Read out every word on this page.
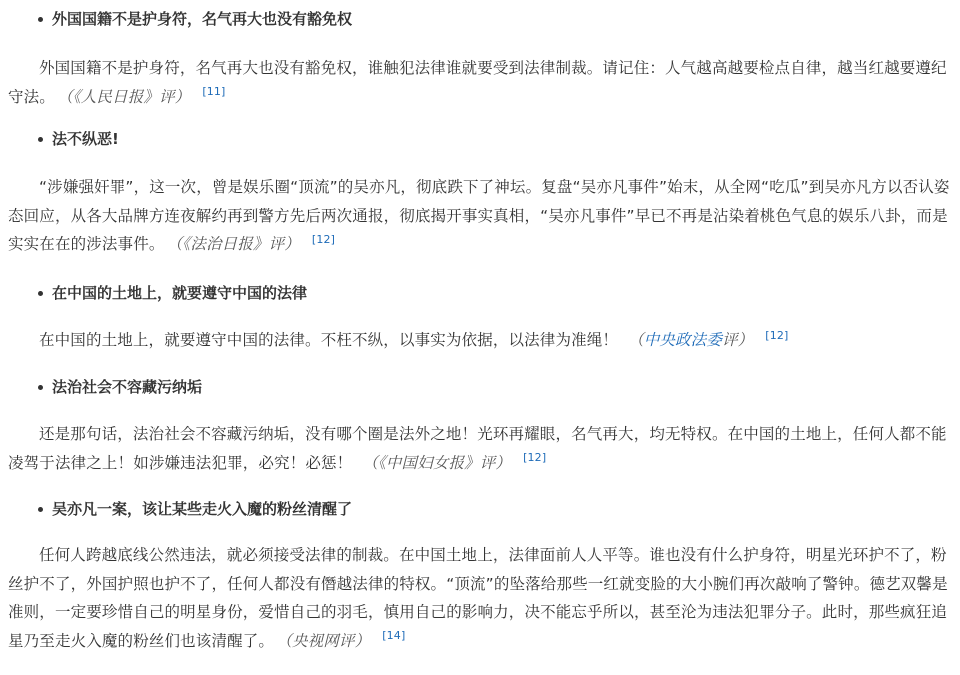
外国国籍不是护身符，名气再大也没有豁免权

外国国籍不是护身符，名气再大也没有豁免权，谁触犯法律谁就要受到法律制裁。请记住：人气越高越要检点自律，越当红越要遵纪守法。 （《人民日报》评） [11]

法不纵恶!

“涉嫌强奸罪”，这一次，曾是娱乐圈“顶流”的吴亦凡，彻底跌下了神坛。复盘“吴亦凡事件”始末，从全网“吃瓜”到吴亦凡方以否认姿态回应，从各大品牌方连夜解约再到警方先后两次通报，彻底揭开事实真相，“吴亦凡事件”早已不再是沾染着桃色气息的娱乐八卦，而是实实在在的涉法事件。 （《法治日报》评） [12]

在中国的土地上，就要遵守中国的法律

在中国的土地上，就要遵守中国的法律。不枉不纵，以事实为依据，以法律为准绳！ （中央政法委评） [12]

法治社会不容藏污纳垢

还是那句话，法治社会不容藏污纳垢，没有哪个圈是法外之地！光环再耀眼，名气再大，均无特权。在中国的土地上，任何人都不能凌驾于法律之上！如涉嫌违法犯罪，必究！必惩！ （《中国妇女报》评） [12]

吴亦凡一案，该让某些走火入魔的粉丝清醒了

任何人跨越底线公然违法，就必须接受法律的制裁。在中国土地上，法律面前人人平等。谁也没有什么护身符，明星光环护不了，粉丝护不了，外国护照也护不了，任何人都没有僭越法律的特权。“顶流”的坠落给那些一红就变脸的大小腕们再次敲响了警钟。德艺双馨是准则，一定要珍惜自己的明星身份，爱惜自己的羽毛，慎用自己的影响力，决不能忘乎所以，甚至沦为违法犯罪分子。此时，那些疯狂追星乃至走火入魔的粉丝们也该清醒了。 （央视网评） [14]
